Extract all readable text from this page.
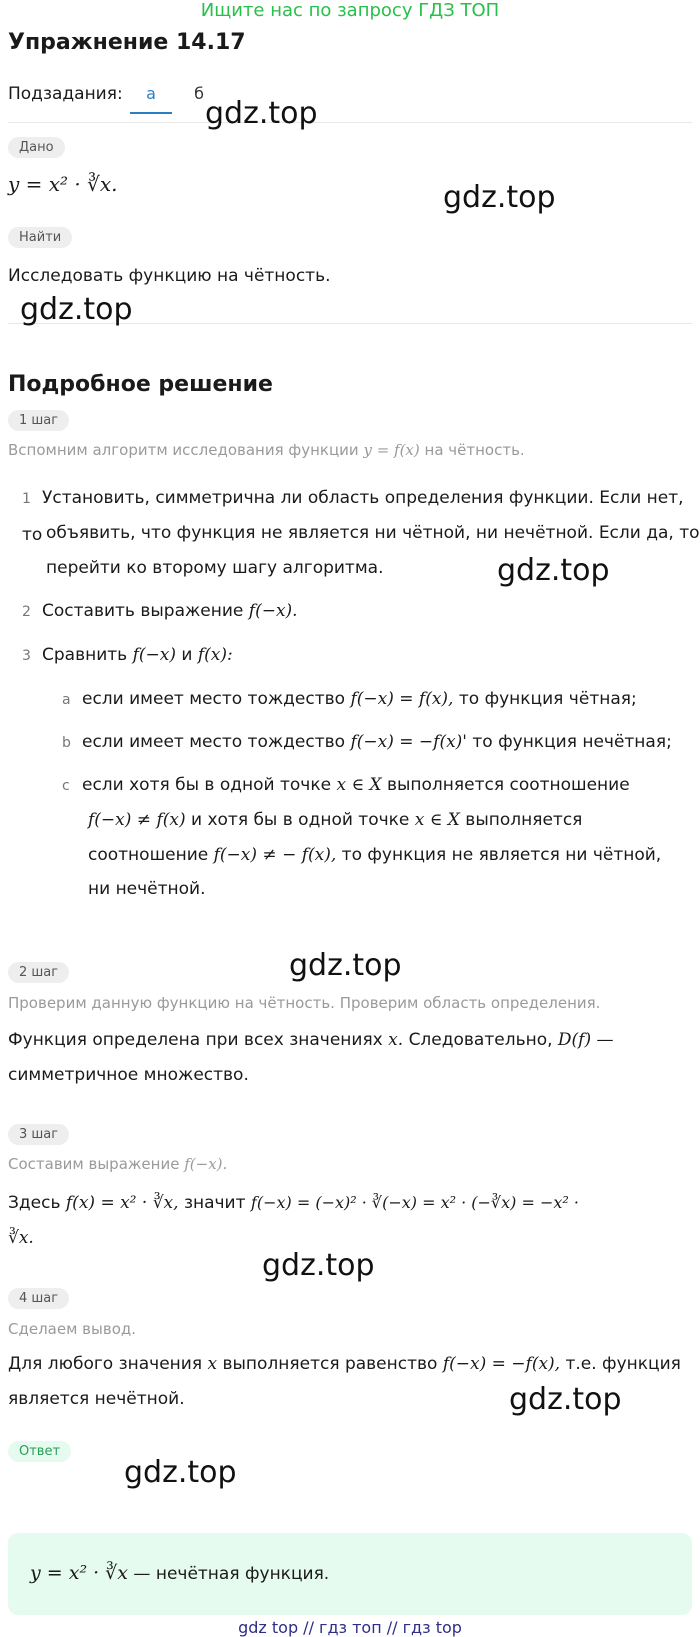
Ищите нас по запросу ГДЗ ТОП
Упражнение 14.17
Подзадания:	а	б
Дано
y = x² · ∛x.
Найти
Исследовать функцию на чётность.
Подробное решение
1 шаг
Вспомним алгоритм исследования функции y = f(x) на чётность.
1 Установить, симметрична ли область определения функции. Если нет, то объявить, что функция не является ни чётной, ни нечётной. Если да, то
перейти ко второму шагу алгоритма.
2 Составить выражение f(−x).
3 Сравнить f(−x) и f(x):
a если имеет место тождество f(−x) = f(x), то функция чётная;
b если имеет место тождество f(−x) = −f(x)' то функция нечётная;
c если хотя бы в одной точке x ∈ X выполняется соотношение
f(−x) ≠ f(x) и хотя бы в одной точке x ∈ X выполняется
соотношение f(−x) ≠ − f(x), то функция не является ни чётной,
ни нечётной.
2 шаг
Проверим данную функцию на чётность. Проверим область определения.
Функция определена при всех значениях x. Следовательно, D(f) —
симметричное множество.
3 шаг
Составим выражение f(−x).
Здесь f(x) = x² · ∛x, значит f(−x) = (−x)² · ∛(−x) = x² · (−∛x) = −x² ·
∛x.
4 шаг
Сделаем вывод.
Для любого значения x выполняется равенство f(−x) = −f(x), т.е. функция
является нечётной.
Ответ
y = x² · ∛x — нечётная функция.
gdz.top
gdz.top
gdz.top
gdz.top
gdz.top
gdz.top
gdz.top
gdz.top
gdz top // гдз топ // гдз top
